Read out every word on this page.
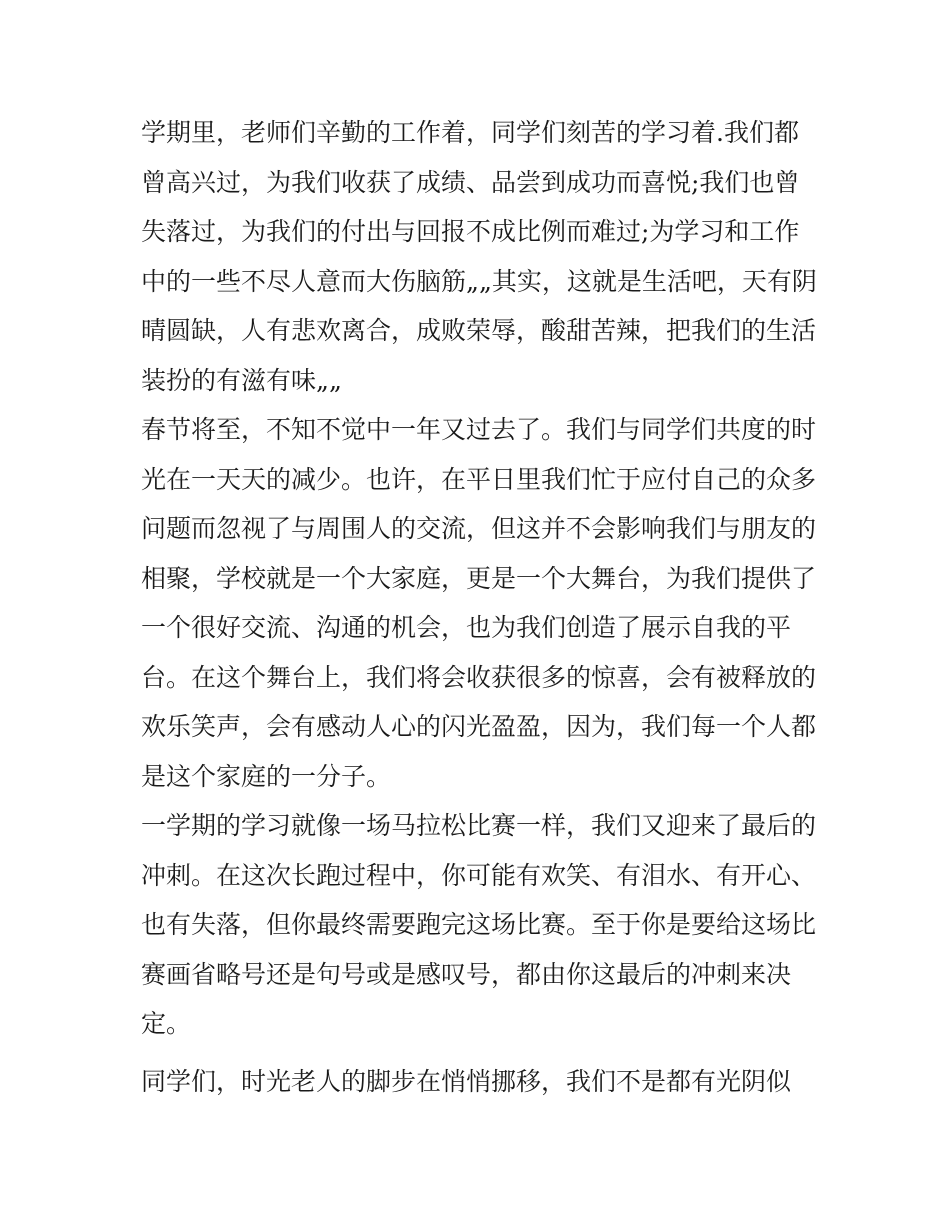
学期里，老师们辛勤的工作着，同学们刻苦的学习着.我们都
曾高兴过，为我们收获了成绩、品尝到成功而喜悦;我们也曾
失落过，为我们的付出与回报不成比例而难过;为学习和工作
中的一些不尽人意而大伤脑筋„„其实，这就是生活吧，天有阴
晴圆缺，人有悲欢离合，成败荣辱，酸甜苦辣，把我们的生活
装扮的有滋有味„„
春节将至，不知不觉中一年又过去了。我们与同学们共度的时
光在一天天的减少。也许，在平日里我们忙于应付自己的众多
问题而忽视了与周围人的交流，但这并不会影响我们与朋友的
相聚，学校就是一个大家庭，更是一个大舞台，为我们提供了
一个很好交流、沟通的机会，也为我们创造了展示自我的平
台。在这个舞台上，我们将会收获很多的惊喜，会有被释放的
欢乐笑声，会有感动人心的闪光盈盈，因为，我们每一个人都
是这个家庭的一分子。
一学期的学习就像一场马拉松比赛一样，我们又迎来了最后的
冲刺。在这次长跑过程中，你可能有欢笑、有泪水、有开心、
也有失落，但你最终需要跑完这场比赛。至于你是要给这场比
赛画省略号还是句号或是感叹号，都由你这最后的冲刺来决
定。
同学们，时光老人的脚步在悄悄挪移，我们不是都有光阴似
